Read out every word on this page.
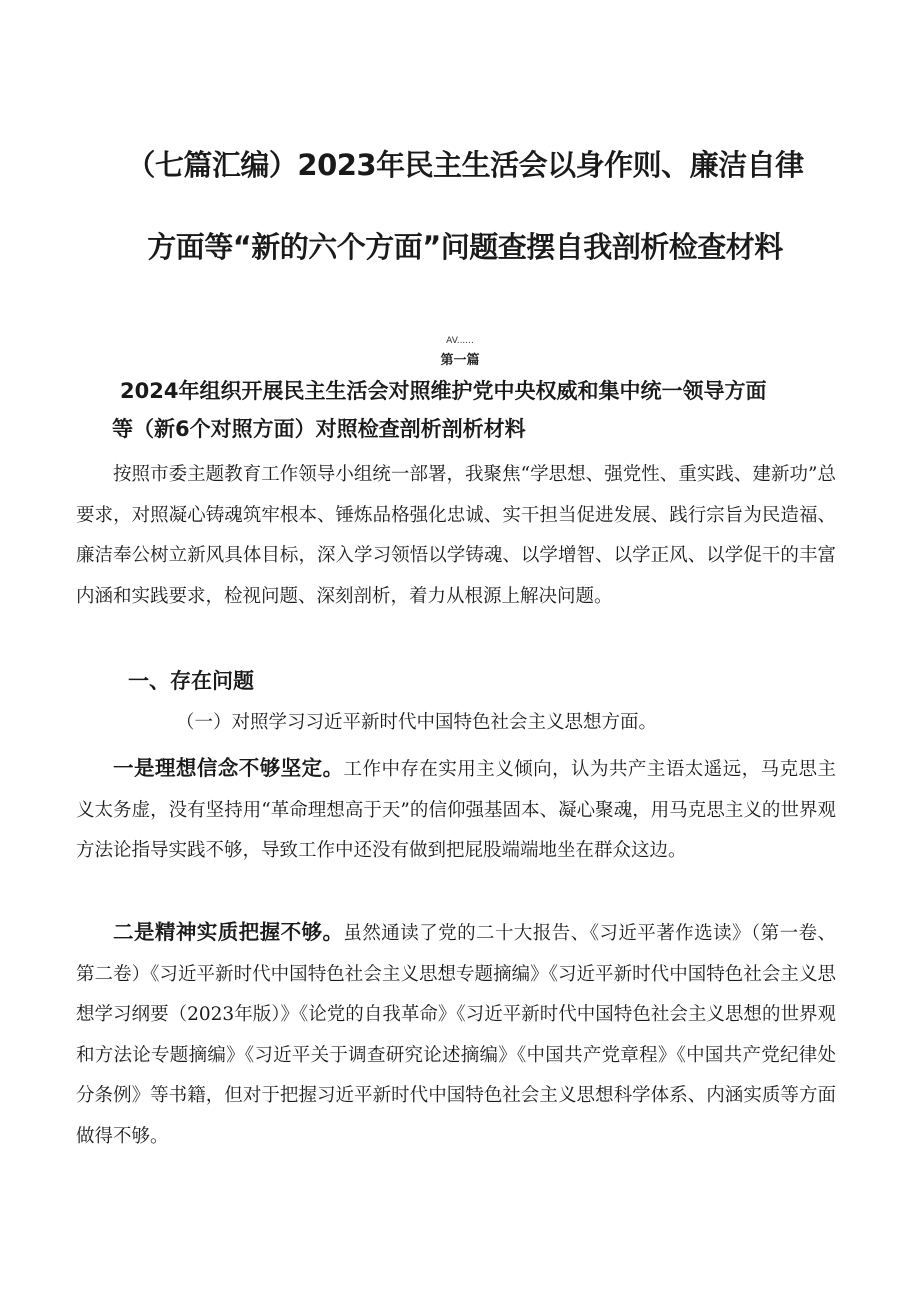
（七篇汇编）2023年民主生活会以身作则、廉洁自律
方面等“新的六个方面”问题查摆自我剖析检查材料
AV......
第一篇
2024年组织开展民主生活会对照维护党中央权威和集中统一领导方面
等（新6个对照方面）对照检查剖析剖析材料
按照市委主题教育工作领导小组统一部署，我聚焦“学思想、强党性、重实践、建新功”总要求，对照凝心铸魂筑牢根本、锤炼品格强化忠诚、实干担当促进发展、践行宗旨为民造福、廉洁奉公树立新风具体目标，深入学习领悟以学铸魂、以学增智、以学正风、以学促干的丰富内涵和实践要求，检视问题、深刻剖析，着力从根源上解决问题。
一、存在问题
（一）对照学习习近平新时代中国特色社会主义思想方面。
一是理想信念不够坚定。工作中存在实用主义倾向，认为共产主语太遥远，马克思主义太务虚，没有坚持用“革命理想高于天”的信仰强基固本、凝心聚魂，用马克思主义的世界观方法论指导实践不够，导致工作中还没有做到把屁股端端地坐在群众这边。
二是精神实质把握不够。虽然通读了党的二十大报告、《习近平著作选读》（第一卷、第二卷）《习近平新时代中国特色社会主义思想专题摘编》《习近平新时代中国特色社会主义思想学习纲要（2023年版）》《论党的自我革命》《习近平新时代中国特色社会主义思想的世界观和方法论专题摘编》《习近平关于调查研究论述摘编》《中国共产党章程》《中国共产党纪律处分条例》等书籍，但对于把握习近平新时代中国特色社会主义思想科学体系、内涵实质等方面做得不够。
